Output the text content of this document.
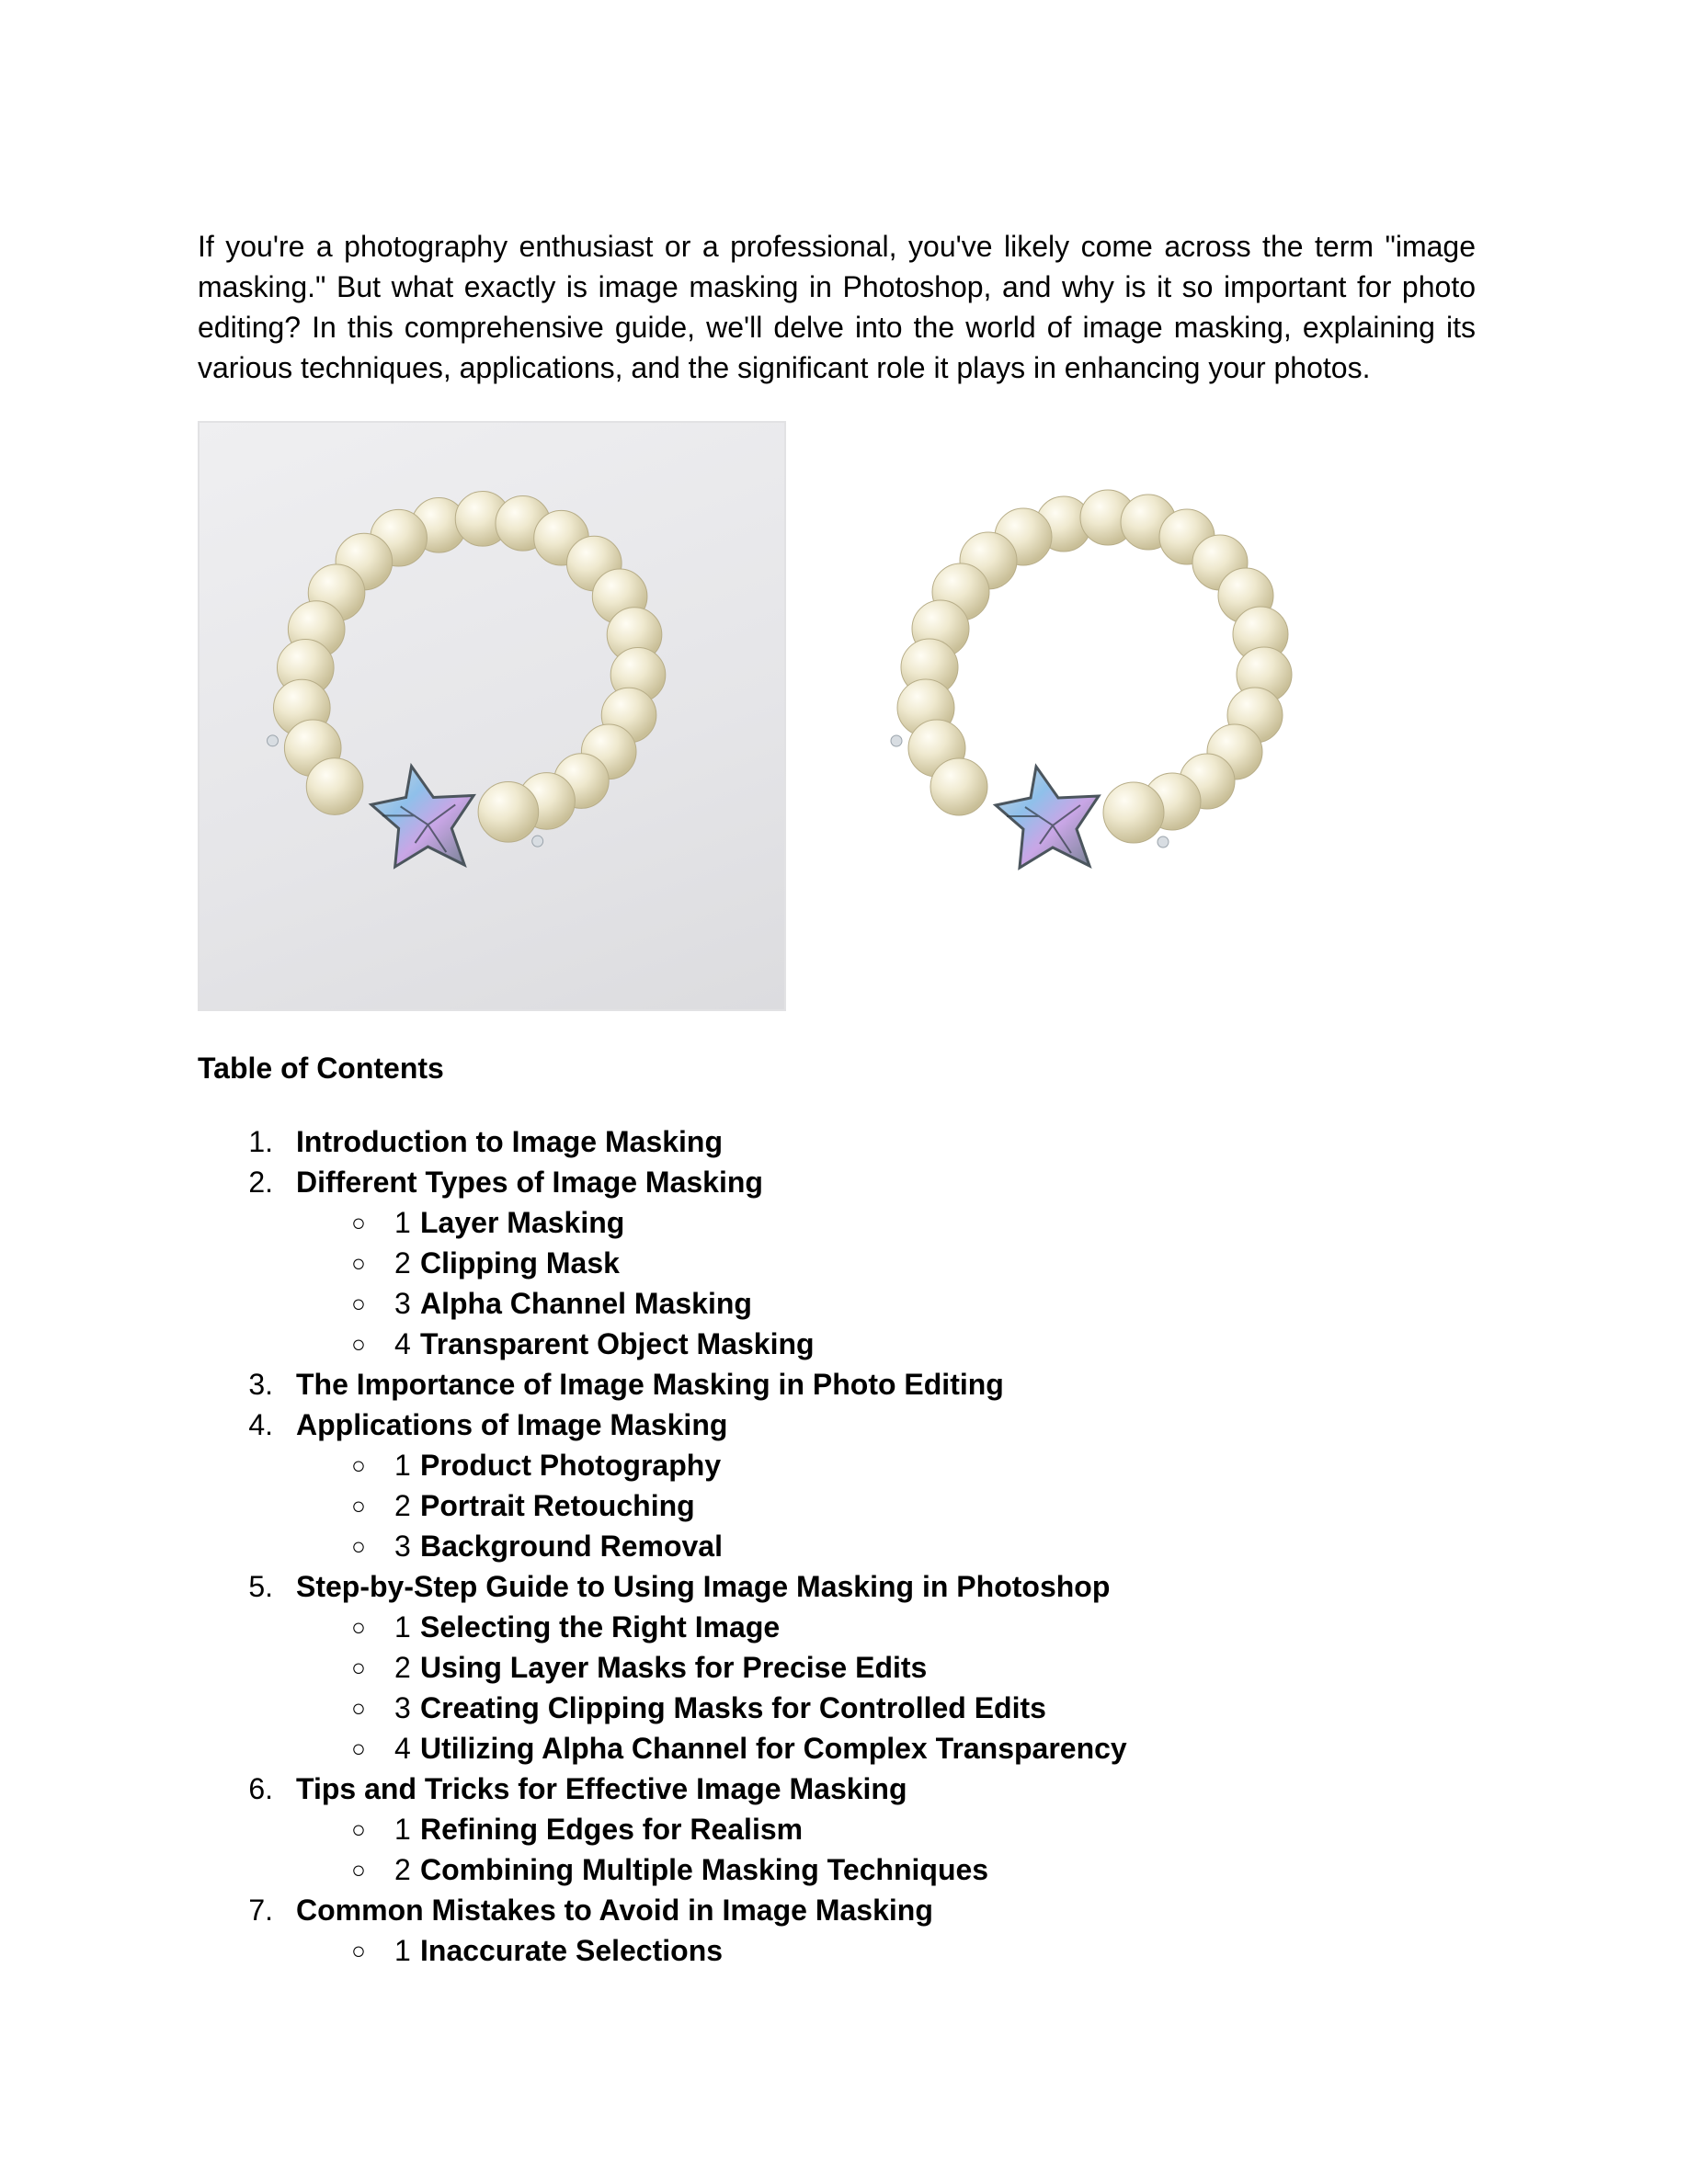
If you're a photography enthusiast or a professional, you've likely come across the term "image masking." But what exactly is image masking in Photoshop, and why is it so important for photo editing? In this comprehensive guide, we'll delve into the world of image masking, explaining its various techniques, applications, and the significant role it plays in enhancing your photos.

Table of Contents
1. Introduction to Image Masking
2. Different Types of Image Masking
○ 1 Layer Masking
○ 2 Clipping Mask
○ 3 Alpha Channel Masking
○ 4 Transparent Object Masking
3. The Importance of Image Masking in Photo Editing
4. Applications of Image Masking
○ 1 Product Photography
○ 2 Portrait Retouching
○ 3 Background Removal
5. Step-by-Step Guide to Using Image Masking in Photoshop
○ 1 Selecting the Right Image
○ 2 Using Layer Masks for Precise Edits
○ 3 Creating Clipping Masks for Controlled Edits
○ 4 Utilizing Alpha Channel for Complex Transparency
6. Tips and Tricks for Effective Image Masking
○ 1 Refining Edges for Realism
○ 2 Combining Multiple Masking Techniques
7. Common Mistakes to Avoid in Image Masking
○ 1 Inaccurate Selections
